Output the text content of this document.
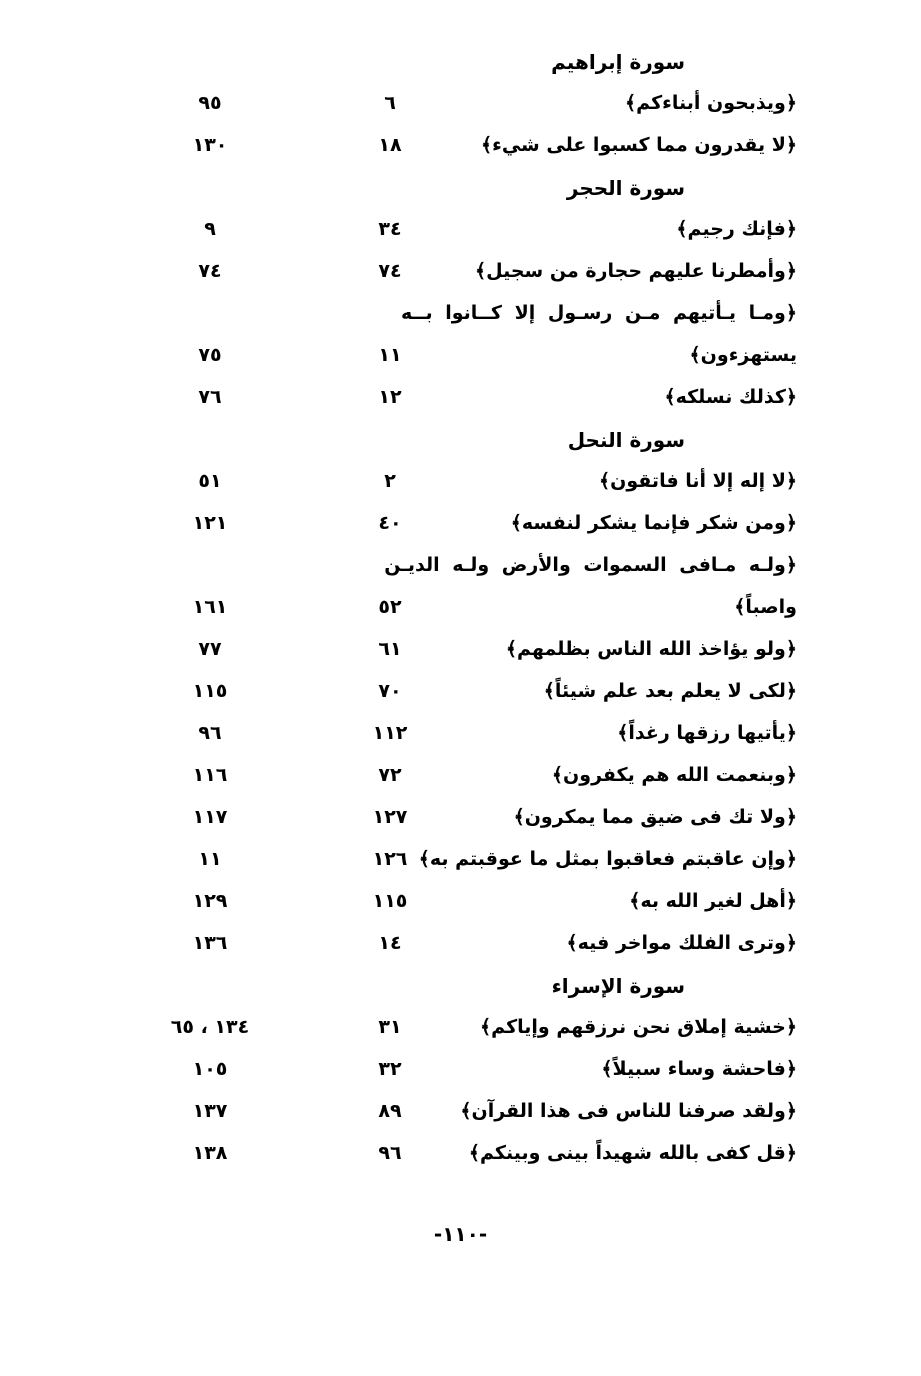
سورة إبراهيم
﴿ويذبحون أبناءكم﴾
٦
٩٥
﴿لا يقدرون مما كسبوا على شيء﴾
١٨
١٣٠
سورة الحجر
﴿فإنك رجيم﴾
٣٤
٩
﴿وأمطرنا عليهم حجارة من سجيل﴾
٧٤
٧٤
﴿ومـا يـأتيهم مـن رسـول إلا كــانوا بــه
يستهزءون﴾
١١
٧٥
﴿كذلك نسلكه﴾
١٢
٧٦
سورة النحل
﴿لا إله إلا أنا فاتقون﴾
٢
٥١
﴿ومن شكر فإنما يشكر لنفسه﴾
٤٠
١٢١
﴿ولـه مـافى السموات والأرض ولـه الديـن
واصباً﴾
٥٢
١٦١
﴿ولو يؤاخذ الله الناس بظلمهم﴾
٦١
٧٧
﴿لكى لا يعلم بعد علم شيئاً﴾
٧٠
١١٥
﴿يأتيها رزقها رغداً﴾
١١٢
٩٦
﴿وبنعمت الله هم يكفرون﴾
٧٢
١١٦
﴿ولا تك فى ضيق مما يمكرون﴾
١٢٧
١١٧
﴿وإن عاقبتم فعاقبوا بمثل ما عوقبتم به﴾
١٢٦
١١
﴿أهل لغير الله به﴾
١١٥
١٢٩
﴿وترى الفلك مواخر فيه﴾
١٤
١٣٦
سورة الإسراء
﴿خشية إملاق نحن نرزقهم وإياكم﴾
٣١
١٣٤ ، ٦٥
﴿فاحشة وساء سبيلاً﴾
٣٢
١٠٥
﴿ولقد صرفنا للناس فى هذا القرآن﴾
٨٩
١٣٧
﴿قل كفى بالله شهيداً بينى وبينكم﴾
٩٦
١٣٨
-١١٠-
